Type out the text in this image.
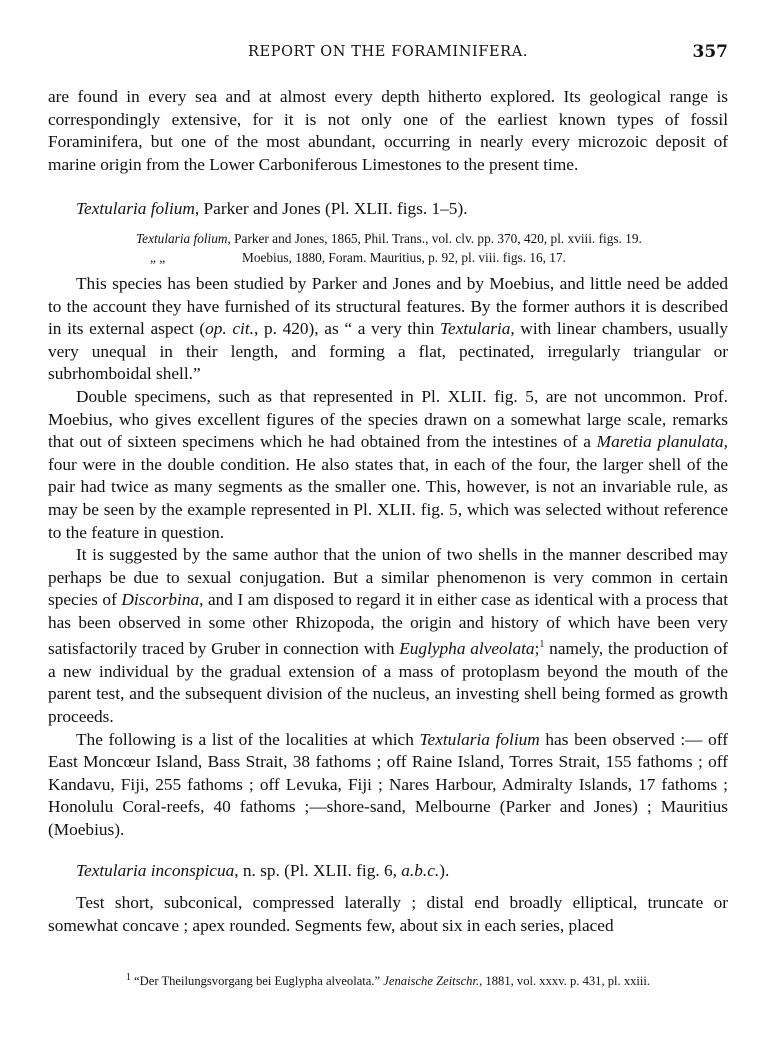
REPORT ON THE FORAMINIFERA.	357

are found in every sea and at almost every depth hitherto explored. Its geological range is correspondingly extensive, for it is not only one of the earliest known types of fossil Foraminifera, but one of the most abundant, occurring in nearly every microzoic deposit of marine origin from the Lower Carboniferous Limestones to the present time.

Textularia folium, Parker and Jones (Pl. XLII. figs. 1–5).

Textularia folium, Parker and Jones, 1865, Phil. Trans., vol. clv. pp. 370, 420, pl. xviii. figs. 19.
„ „	Moebius, 1880, Foram. Mauritius, p. 92, pl. viii. figs. 16, 17.

This species has been studied by Parker and Jones and by Moebius, and little need be added to the account they have furnished of its structural features. By the former authors it is described in its external aspect (op. cit., p. 420), as “ a very thin Textularia, with linear chambers, usually very unequal in their length, and forming a flat, pectinated, irregularly triangular or subrhomboidal shell.”

Double specimens, such as that represented in Pl. XLII. fig. 5, are not uncommon. Prof. Moebius, who gives excellent figures of the species drawn on a somewhat large scale, remarks that out of sixteen specimens which he had obtained from the intestines of a Maretia planulata, four were in the double condition. He also states that, in each of the four, the larger shell of the pair had twice as many segments as the smaller one. This, however, is not an invariable rule, as may be seen by the example represented in Pl. XLII. fig. 5, which was selected without reference to the feature in question.

It is suggested by the same author that the union of two shells in the manner described may perhaps be due to sexual conjugation. But a similar phenomenon is very common in certain species of Discorbina, and I am disposed to regard it in either case as identical with a process that has been observed in some other Rhizopoda, the origin and history of which have been very satisfactorily traced by Gruber in connection with Euglypha alveolata;$^1$ namely, the production of a new individual by the gradual extension of a mass of protoplasm beyond the mouth of the parent test, and the subsequent division of the nucleus, an investing shell being formed as growth proceeds.

The following is a list of the localities at which Textularia folium has been observed :— off East Moncœur Island, Bass Strait, 38 fathoms ; off Raine Island, Torres Strait, 155 fathoms ; off Kandavu, Fiji, 255 fathoms ; off Levuka, Fiji ; Nares Harbour, Admiralty Islands, 17 fathoms ; Honolulu Coral-reefs, 40 fathoms ;—shore-sand, Melbourne (Parker and Jones) ; Mauritius (Moebius).

Textularia inconspicua, n. sp. (Pl. XLII. fig. 6, a.b.c.).

Test short, subconical, compressed laterally ; distal end broadly elliptical, truncate or somewhat concave ; apex rounded. Segments few, about six in each series, placed

$^1$ “Der Theilungsvorgang bei Euglypha alveolata.” Jenaische Zeitschr., 1881, vol. xxxv. p. 431, pl. xxiii.
